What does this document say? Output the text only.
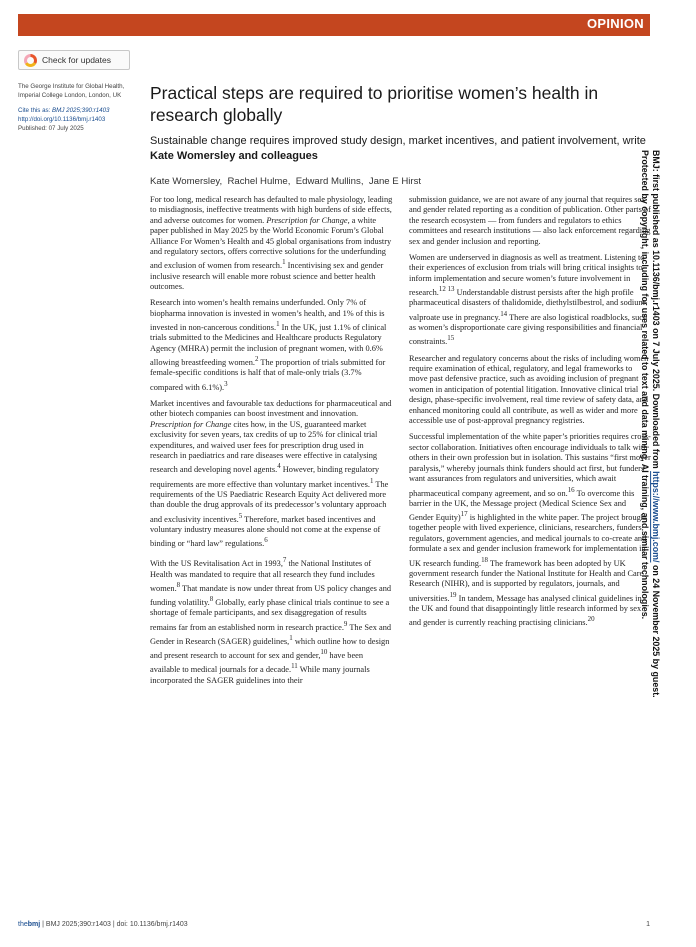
OPINION
Check for updates
The George Institute for Global Health,
Imperial College London, London, UK
Cite this as: BMJ 2025;390:r1403
http://doi.org/10.1136/bmj.r1403
Published: 07 July 2025
Practical steps are required to prioritise women’s health in research globally
Sustainable change requires improved study design, market incentives, and patient involvement, write Kate Womersley and colleagues
Kate Womersley, Rachel Hulme, Edward Mullins, Jane E Hirst

For too long, medical research has defaulted to male physiology, leading to misdiagnosis, ineffective treatments with high burdens of side effects, and adverse outcomes for women. Prescription for Change, a white paper published in May 2025 by the World Economic Forum’s Global Alliance For Women’s Health and 45 global organisations from industry and regulatory sectors, offers corrective solutions for the underfunding and exclusion of women from research.$^1$ Incentivising sex and gender inclusive research will enable more robust science and better health outcomes.

Research into women’s health remains underfunded. Only 7% of biopharma innovation is invested in women’s health, and 1% of this is invested in non-cancerous conditions.$^1$ In the UK, just 1.1% of clinical trials submitted to the Medicines and Healthcare products Regulatory Agency (MHRA) permit the inclusion of pregnant women, with 0.6% allowing breastfeeding women.$^2$ The proportion of trials submitted for female-specific conditions is half that of male-only trials (3.7% compared with 6.1%).$^3$

Market incentives and favourable tax deductions for pharmaceutical and other biotech companies can boost investment and innovation. Prescription for Change cites how, in the US, guaranteed market exclusivity for seven years, tax credits of up to 25% for clinical trial expenditures, and waived user fees for prescription drug used in research in paediatrics and rare diseases were effective in catalysing research and developing novel agents.$^4$ However, binding regulatory requirements are more effective than voluntary market incentives.$^1$ The requirements of the US Paediatric Research Equity Act delivered more than double the drug approvals of its predecessor’s voluntary approach and exclusivity incentives.$^5$ Therefore, market based incentives and voluntary industry measures alone should not come at the expense of binding or “hard law” regulations.$^6$

With the US Revitalisation Act in 1993,$^7$ the National Institutes of Health was mandated to require that all research they fund includes women.$^8$ That mandate is now under threat from US policy changes and funding volatility.$^8$ Globally, early phase clinical trials continue to see a shortage of female participants, and sex disaggregation of results remains far from an established norm in research practice.$^9$ The Sex and Gender in Research (SAGER) guidelines,$^1$ which outline how to design and present research to account for sex and gender,$^{10}$ have been available to medical journals for a decade.$^{11}$ While many journals incorporated the SAGER guidelines into their

submission guidance, we are not aware of any journal that requires sex and gender related reporting as a condition of publication. Other parts of the research ecosystem — from funders and regulators to ethics committees and research institutions — also lack enforcement regarding sex and gender inclusion and reporting.

Women are underserved in diagnosis as well as treatment. Listening to their experiences of exclusion from trials will bring critical insights to inform implementation and secure women’s future involvement in research.$^{12 13}$ Understandable distrust persists after the high profile pharmaceutical disasters of thalidomide, diethylstilbestrol, and sodium valproate use in pregnancy.$^{14}$ There are also logistical roadblocks, such as women’s disproportionate care giving responsibilities and financial constraints.$^{15}$

Researcher and regulatory concerns about the risks of including women require examination of ethical, regulatory, and legal frameworks to move past defensive practice, such as avoiding inclusion of pregnant women in anticipation of potential litigation. Innovative clinical trial design, phase-specific involvement, real time review of safety data, and enhanced monitoring could all contribute, as well as wider and more accessible use of post-approval pregnancy registries.

Successful implementation of the white paper’s priorities requires cross-sector collaboration. Initiatives often encourage individuals to talk with others in their own profession but in isolation. This sustains “first mover paralysis,” whereby journals think funders should act first, but funders want assurances from regulators and universities, which await pharmaceutical company agreement, and so on.$^{16}$ To overcome this barrier in the UK, the Message project (Medical Science Sex and Gender Equity)$^{17}$ is highlighted in the white paper. The project brought together people with lived experience, clinicians, researchers, funders, regulators, government agencies, and medical journals to co-create and formulate a sex and gender inclusion framework for implementation in UK research funding.$^{18}$ The framework has been adopted by UK government research funder the National Institute for Health and Care Research (NIHR), and is supported by regulators, journals, and universities.$^{19}$ In tandem, Message has analysed clinical guidelines in the UK and found that disappointingly little research informed by sex and gender is currently reaching practising clinicians.$^{20}$

BMJ: first published as 10.1136/bmj.r1403 on 7 July 2025. Downloaded from https://www.bmj.com/ on 24 November 2025 by guest.
Protected by copyright, including for uses related to text and data mining, AI training, and similar technologies.
thebmj | BMJ 2025;390:r1403 | doi: 10.1136/bmj.r1403	1
